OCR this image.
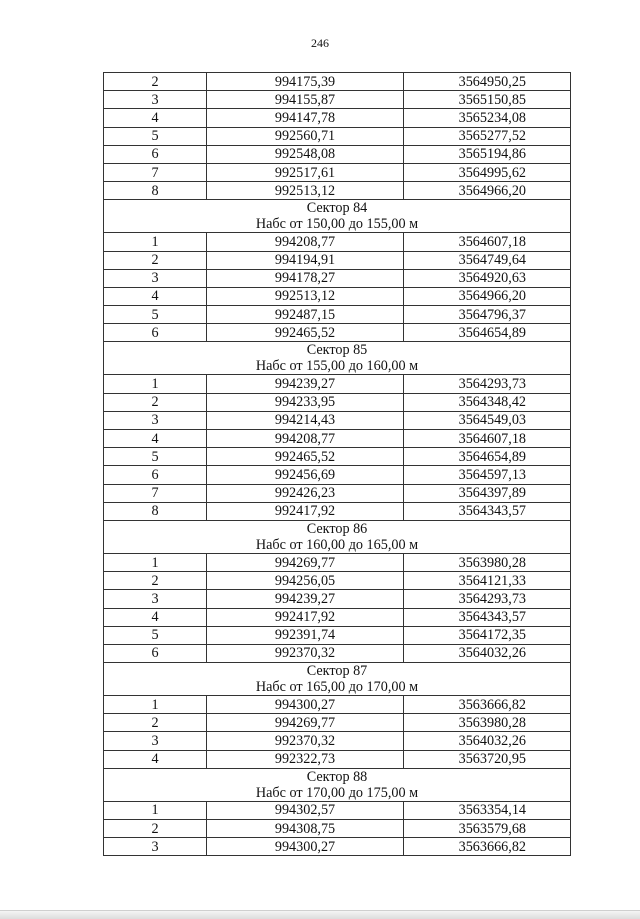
246
2	994175,39	3564950,25
3	994155,87	3565150,85
4	994147,78	3565234,08
5	992560,71	3565277,52
6	992548,08	3565194,86
7	992517,61	3564995,62
8	992513,12	3564966,20

Сектор 84
Набс от 150,00 до 155,00 м		

1	994208,77	3564607,18
2	994194,91	3564749,64
3	994178,27	3564920,63
4	992513,12	3564966,20
5	992487,15	3564796,37
6	992465,52	3564654,89

Сектор 85
Набс от 155,00 до 160,00 м		

1	994239,27	3564293,73
2	994233,95	3564348,42
3	994214,43	3564549,03
4	994208,77	3564607,18
5	992465,52	3564654,89
6	992456,69	3564597,13
7	992426,23	3564397,89
8	992417,92	3564343,57

Сектор 86
Набс от 160,00 до 165,00 м		

1	994269,77	3563980,28
2	994256,05	3564121,33
3	994239,27	3564293,73
4	992417,92	3564343,57
5	992391,74	3564172,35
6	992370,32	3564032,26

Сектор 87
Набс от 165,00 до 170,00 м		

1	994300,27	3563666,82
2	994269,77	3563980,28
3	992370,32	3564032,26
4	992322,73	3563720,95

Сектор 88
Набс от 170,00 до 175,00 м		

1	994302,57	3563354,14
2	994308,75	3563579,68
3	994300,27	3563666,82
